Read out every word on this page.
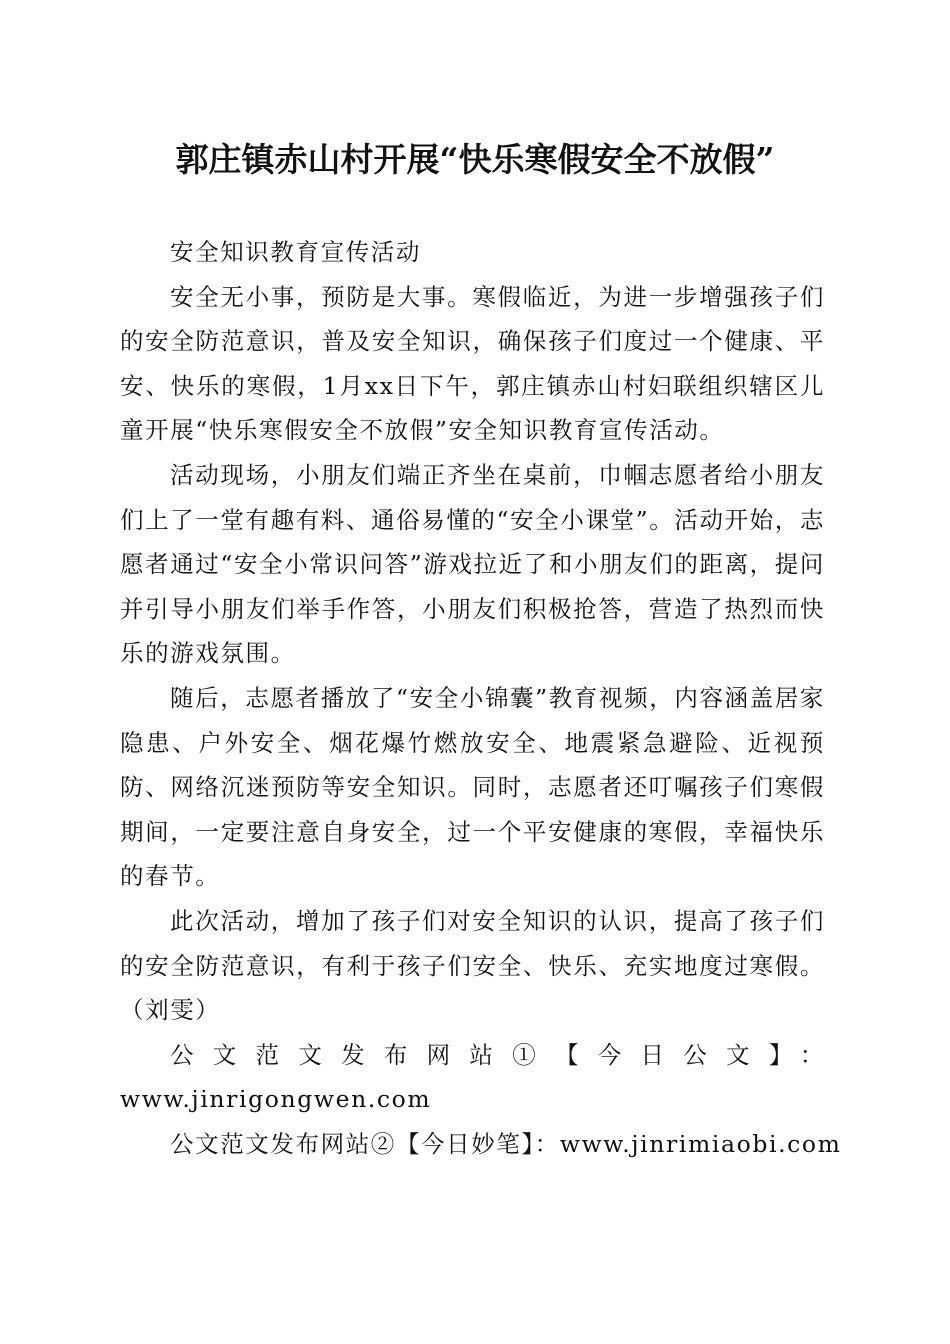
郭庄镇赤山村开展“快乐寒假安全不放假”

安全知识教育宣传活动

安全无小事，预防是大事。寒假临近，为进一步增强孩子们的安全防范意识，普及安全知识，确保孩子们度过一个健康、平安、快乐的寒假，1月xx日下午，郭庄镇赤山村妇联组织辖区儿童开展“快乐寒假安全不放假”安全知识教育宣传活动。

活动现场，小朋友们端正齐坐在桌前，巾帼志愿者给小朋友们上了一堂有趣有料、通俗易懂的“安全小课堂”。活动开始，志愿者通过“安全小常识问答”游戏拉近了和小朋友们的距离，提问并引导小朋友们举手作答，小朋友们积极抢答，营造了热烈而快乐的游戏氛围。

随后，志愿者播放了“安全小锦囊”教育视频，内容涵盖居家隐患、户外安全、烟花爆竹燃放安全、地震紧急避险、近视预防、网络沉迷预防等安全知识。同时，志愿者还叮嘱孩子们寒假期间，一定要注意自身安全，过一个平安健康的寒假，幸福快乐的春节。

此次活动，增加了孩子们对安全知识的认识，提高了孩子们的安全防范意识，有利于孩子们安全、快乐、充实地度过寒假。（刘雯）

公文范文发布网站①【今日公文】：

www.jinrigongwen.com

公文范文发布网站②【今日妙笔】：www.jinrimiaobi.com
